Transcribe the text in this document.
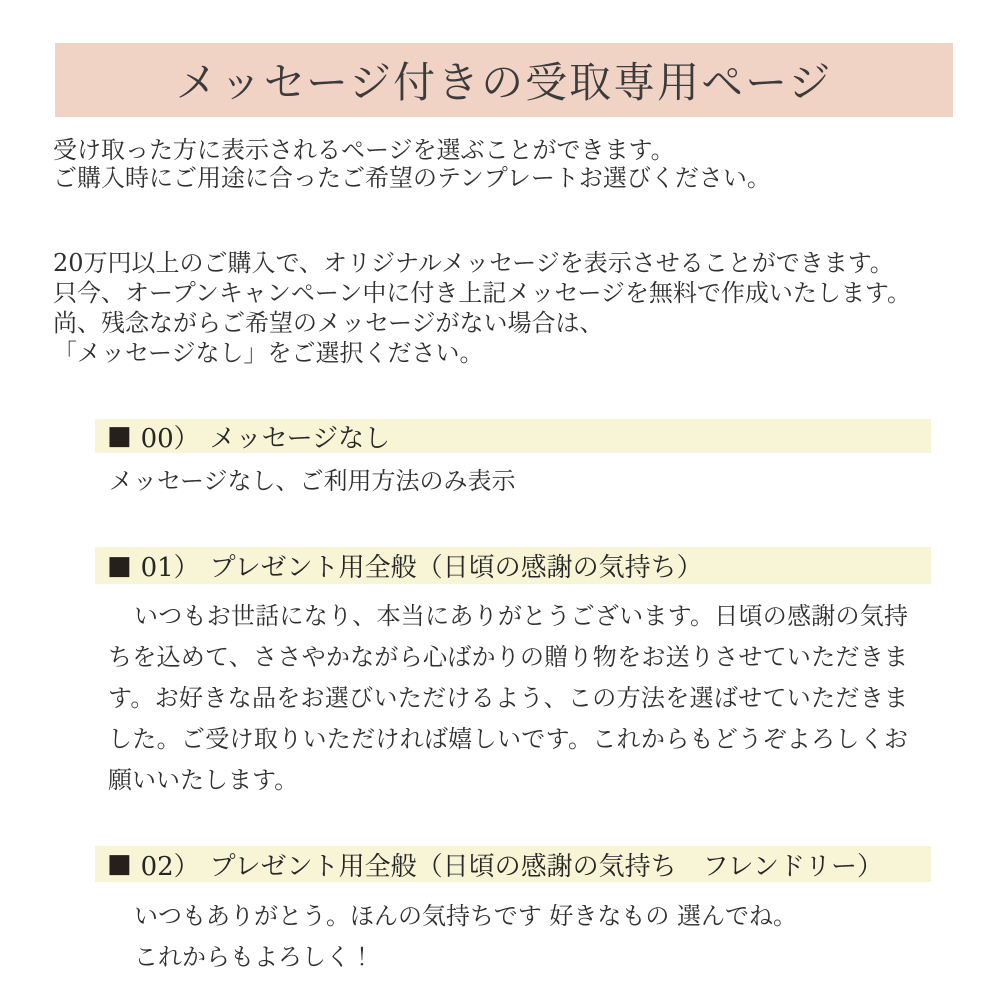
メッセージ付きの受取専用ページ
受け取った方に表示されるページを選ぶことができます。
ご購入時にご用途に合ったご希望のテンプレートお選びください。
20万円以上のご購入で、オリジナルメッセージを表示させることができます。
只今、オープンキャンペーン中に付き上記メッセージを無料で作成いたします。
尚、残念ながらご希望のメッセージがない場合は、
「メッセージなし」をご選択ください。
■ 00） メッセージなし
メッセージなし、ご利用方法のみ表示
■ 01） プレゼント用全般（日頃の感謝の気持ち）
いつもお世話になり、本当にありがとうございます。日頃の感謝の気持ちを込めて、ささやかながら心ばかりの贈り物をお送りさせていただきます。お好きな品をお選びいただけるよう、この方法を選ばせていただきました。ご受け取りいただければ嬉しいです。これからもどうぞよろしくお願いいたします。
■ 02） プレゼント用全般（日頃の感謝の気持ち　フレンドリー）
いつもありがとう。ほんの気持ちです 好きなもの 選んでね。
これからもよろしく！
